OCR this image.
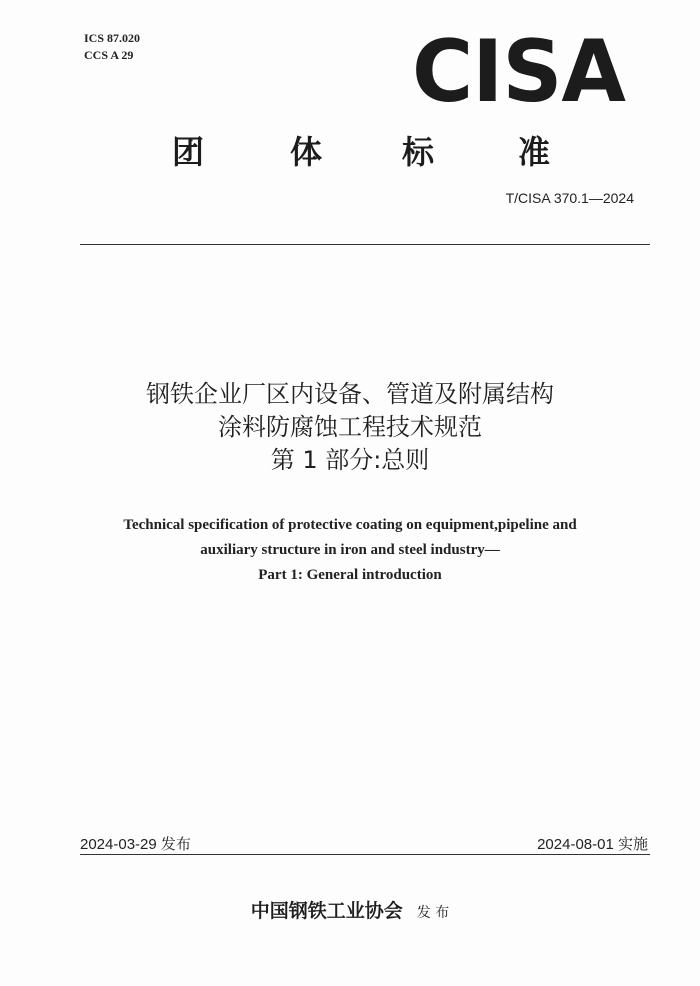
ICS 87.020
CCS A 29	CISA
团	体 标	准
T/CISA 370.1—2024
钢铁企业厂区内设备、管道及附属结构
涂料防腐蚀工程技术规范
第 1 部分:总则
Technical specification of protective coating on equipment,pipeline and
auxiliary structure in iron and steel industry—
Part 1: General introduction
2024-03-29 发布	2024-08-01 实施
中国钢铁工业协会 发 布
